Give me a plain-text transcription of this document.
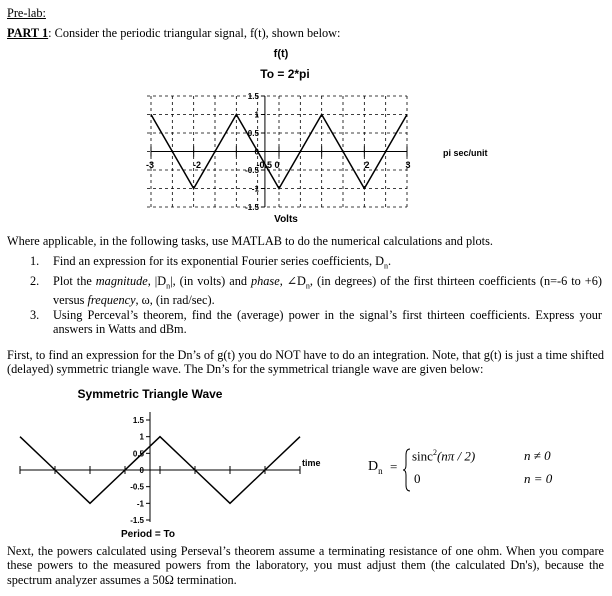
Pre-lab:
PART 1: Consider the periodic triangular signal, f(t), shown below:
f(t)
To = 2*pi
1.5
1
0.5
0
-0.5
-1
-1.5
-3	-2	-0.5 0	2	3
pi sec/unit
Volts
Where applicable, in the following tasks, use MATLAB to do the numerical calculations and plots.
1. Find an expression for its exponential Fourier series coefficients, $D_n$.
2. Plot the magnitude, $|D_n|$, (in volts) and phase, $\angle D_n$, (in degrees) of the first thirteen coefficients (n=-6 to +6) versus frequency, ω, (in rad/sec).
3. Using Perceval’s theorem, find the (average) power in the signal’s first thirteen coefficients. Express your answers in Watts and dBm.
First, to find an expression for the Dn’s of g(t) you do NOT have to do an integration. Note, that g(t) is just a time shifted (delayed) symmetric triangle wave. The Dn’s for the symmetrical triangle wave are given below:
Symmetric Triangle Wave
1.5
1
0.5
0
-0.5
-1
-1.5
time
Period = To
$D_n$ =
sinc$^2$(nπ / 2)	n ≠ 0
0	n = 0
Next, the powers calculated using Perseval’s theorem assume a terminating resistance of one ohm. When you compare these powers to the measured powers from the laboratory, you must adjust them (the calculated Dn's), because the spectrum analyzer assumes a 50Ω termination.
